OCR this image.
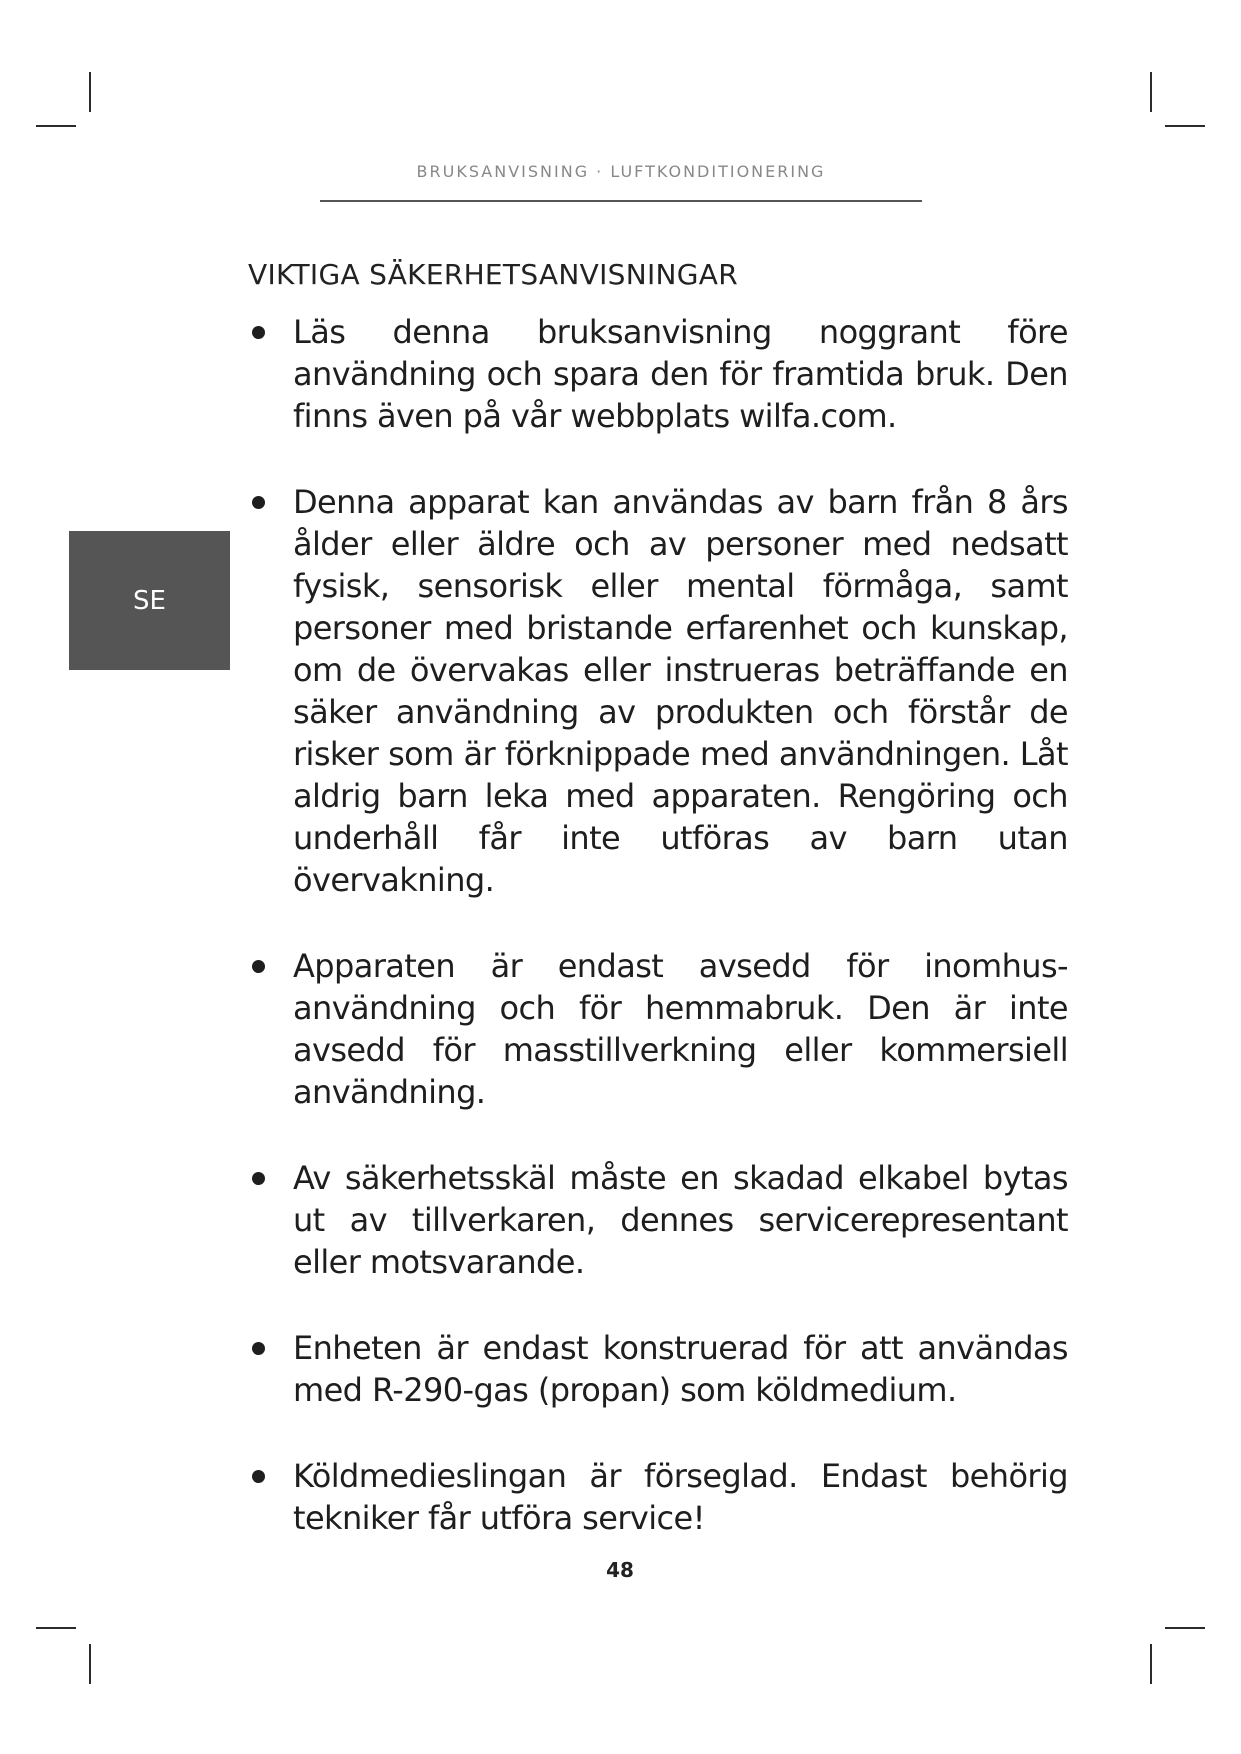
BRUKSANVISNING · LUFTKONDITIONERING
SE
VIKTIGA SÄKERHETSANVISNINGAR
Läs denna bruksanvisning noggrant före användning och spara den för framtida bruk. Den finns även på vår webbplats wilfa.com.
Denna apparat kan användas av barn från 8 års ålder eller äldre och av personer med nedsatt fysisk, sensorisk eller mental förmåga, samt personer med bristande erfarenhet och kunskap, om de övervakas eller instrueras beträffande en säker användning av produkten och förstår de risker som är förknippade med användningen. Låt aldrig barn leka med apparaten. Rengöring och underhåll får inte utföras av barn utan övervakning.
Apparaten är endast avsedd för inomhus-användning och för hemmabruk. Den är inte avsedd för masstillverkning eller kommersiell användning.
Av säkerhetsskäl måste en skadad elkabel bytas ut av tillverkaren, dennes servicerepresentant eller motsvarande.
Enheten är endast konstruerad för att användas med R-290-gas (propan) som köldmedium.
Köldmedieslingan är förseglad. Endast behörig tekniker får utföra service!
48
